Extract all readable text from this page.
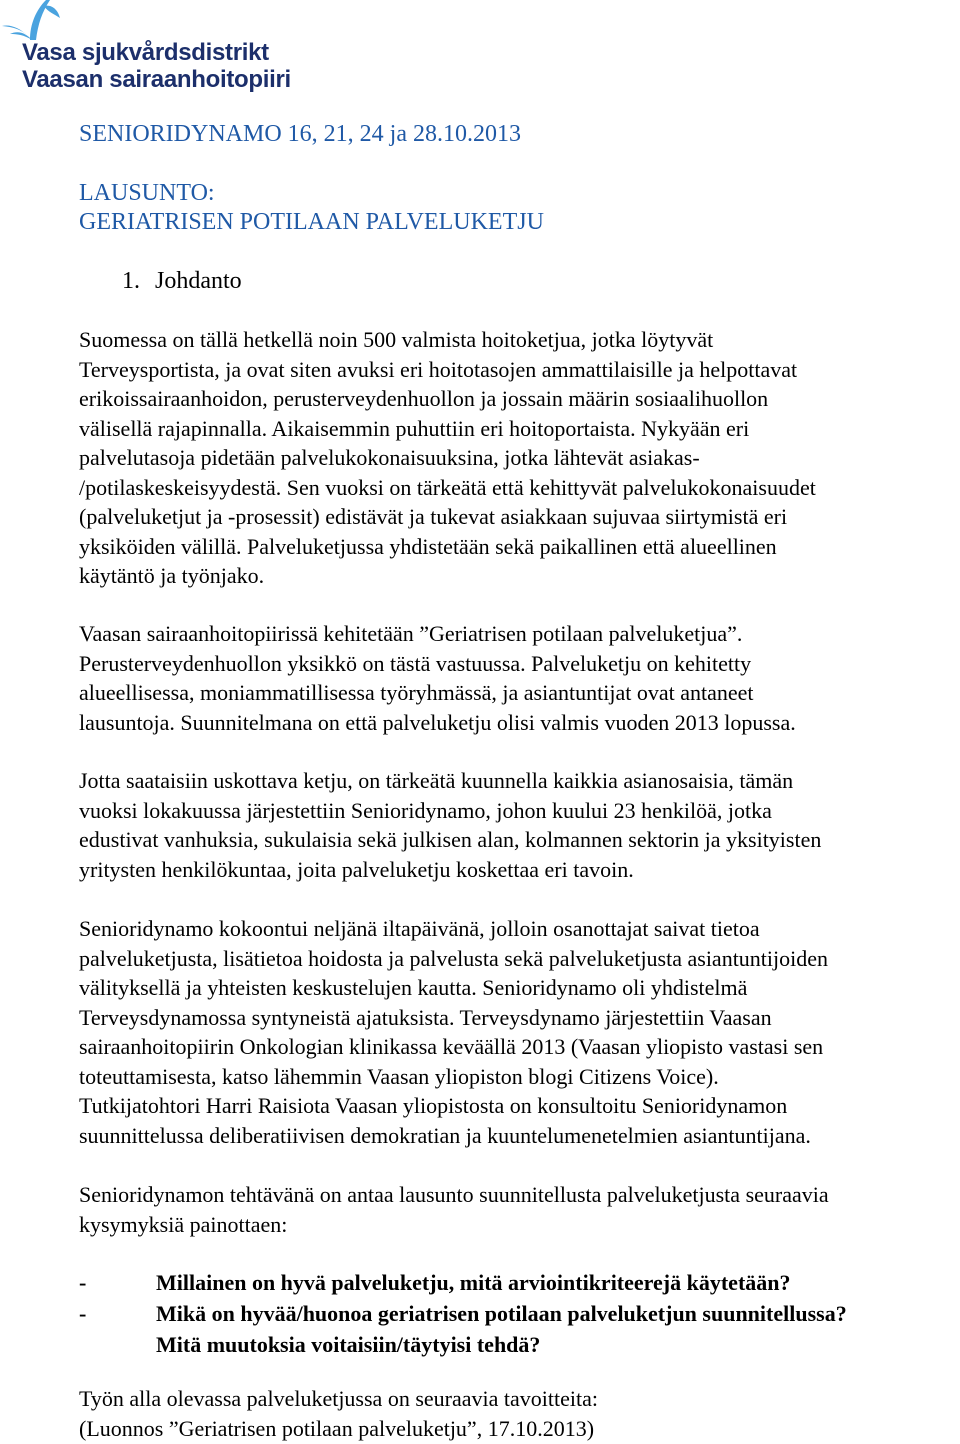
Vasa sjukvårdsdistrikt
Vaasan sairaanhoitopiiri
SENIORIDYNAMO 16, 21, 24 ja 28.10.2013
LAUSUNTO:
GERIATRISEN POTILAAN PALVELUKETJU
1. Johdanto
Suomessa on tällä hetkellä noin 500 valmista hoitoketjua, jotka löytyvät
Terveysportista, ja ovat siten avuksi eri hoitotasojen ammattilaisille ja helpottavat
erikoissairaanhoidon, perusterveydenhuollon ja jossain määrin sosiaalihuollon
välisellä rajapinnalla. Aikaisemmin puhuttiin eri hoitoportaista. Nykyään eri
palvelutasoja pidetään palvelukokonaisuuksina, jotka lähtevät asiakas-
/potilaskeskeisyydestä. Sen vuoksi on tärkeätä että kehittyvät palvelukokonaisuudet
(palveluketjut ja -prosessit) edistävät ja tukevat asiakkaan sujuvaa siirtymistä eri
yksiköiden välillä. Palveluketjussa yhdistetään sekä paikallinen että alueellinen
käytäntö ja työnjako.
Vaasan sairaanhoitopiirissä kehitetään ”Geriatrisen potilaan palveluketjua”.
Perusterveydenhuollon yksikkö on tästä vastuussa. Palveluketju on kehitetty
alueellisessa, moniammatillisessa työryhmässä, ja asiantuntijat ovat antaneet
lausuntoja. Suunnitelmana on että palveluketju olisi valmis vuoden 2013 lopussa.
Jotta saataisiin uskottava ketju, on tärkeätä kuunnella kaikkia asianosaisia, tämän
vuoksi lokakuussa järjestettiin Senioridynamo, johon kuului 23 henkilöä, jotka
edustivat vanhuksia, sukulaisia sekä julkisen alan, kolmannen sektorin ja yksityisten
yritysten henkilökuntaa, joita palveluketju koskettaa eri tavoin.
Senioridynamo kokoontui neljänä iltapäivänä, jolloin osanottajat saivat tietoa
palveluketjusta, lisätietoa hoidosta ja palvelusta sekä palveluketjusta asiantuntijoiden
välityksellä ja yhteisten keskustelujen kautta. Senioridynamo oli yhdistelmä
Terveysdynamossa syntyneistä ajatuksista. Terveysdynamo järjestettiin Vaasan
sairaanhoitopiirin Onkologian klinikassa keväällä 2013 (Vaasan yliopisto vastasi sen
toteuttamisesta, katso lähemmin Vaasan yliopiston blogi Citizens Voice).
Tutkijatohtori Harri Raisiota Vaasan yliopistosta on konsultoitu Senioridynamon
suunnittelussa deliberatiivisen demokratian ja kuuntelumenetelmien asiantuntijana.
Senioridynamon tehtävänä on antaa lausunto suunnitellusta palveluketjusta seuraavia
kysymyksiä painottaen:
-	Millainen on hyvä palveluketju, mitä arviointikriteerejä käytetään?
-	Mikä on hyvää/huonoa geriatrisen potilaan palveluketjun suunnitellussa?
Mitä muutoksia voitaisiin/täytyisi tehdä?
Työn alla olevassa palveluketjussa on seuraavia tavoitteita:
(Luonnos ”Geriatrisen potilaan palveluketju”, 17.10.2013)
